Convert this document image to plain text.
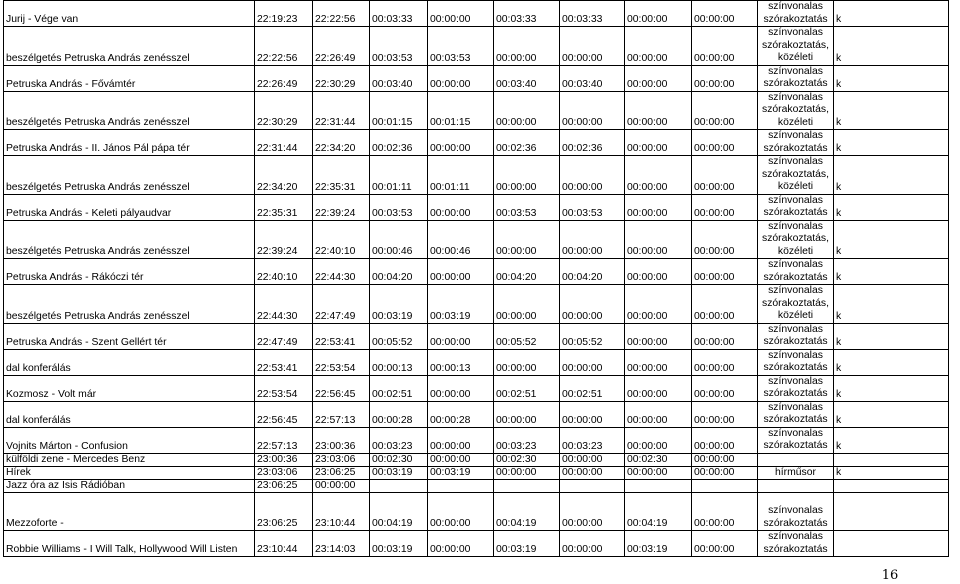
Jurij - Vége van	22:19:23	22:22:56	00:03:33	00:00:00	00:03:33	00:03:33	00:00:00	00:00:00	színvonalas szórakoztatás	k
beszélgetés Petruska András zenésszel	22:22:56	22:26:49	00:03:53	00:03:53	00:00:00	00:00:00	00:00:00	00:00:00	színvonalas szórakoztatás, közéleti	k
Petruska András - Fővámtér	22:26:49	22:30:29	00:03:40	00:00:00	00:03:40	00:03:40	00:00:00	00:00:00	színvonalas szórakoztatás	k
beszélgetés Petruska András zenésszel	22:30:29	22:31:44	00:01:15	00:01:15	00:00:00	00:00:00	00:00:00	00:00:00	színvonalas szórakoztatás, közéleti	k
Petruska András - II. János Pál pápa tér	22:31:44	22:34:20	00:02:36	00:00:00	00:02:36	00:02:36	00:00:00	00:00:00	színvonalas szórakoztatás	k
beszélgetés Petruska András zenésszel	22:34:20	22:35:31	00:01:11	00:01:11	00:00:00	00:00:00	00:00:00	00:00:00	színvonalas szórakoztatás, közéleti	k
Petruska András - Keleti pályaudvar	22:35:31	22:39:24	00:03:53	00:00:00	00:03:53	00:03:53	00:00:00	00:00:00	színvonalas szórakoztatás	k
beszélgetés Petruska András zenésszel	22:39:24	22:40:10	00:00:46	00:00:46	00:00:00	00:00:00	00:00:00	00:00:00	színvonalas szórakoztatás, közéleti	k
Petruska András - Rákóczi tér	22:40:10	22:44:30	00:04:20	00:00:00	00:04:20	00:04:20	00:00:00	00:00:00	színvonalas szórakoztatás	k
beszélgetés Petruska András zenésszel	22:44:30	22:47:49	00:03:19	00:03:19	00:00:00	00:00:00	00:00:00	00:00:00	színvonalas szórakoztatás, közéleti	k
Petruska András - Szent Gellért tér	22:47:49	22:53:41	00:05:52	00:00:00	00:05:52	00:05:52	00:00:00	00:00:00	színvonalas szórakoztatás	k
dal konferálás	22:53:41	22:53:54	00:00:13	00:00:13	00:00:00	00:00:00	00:00:00	00:00:00	színvonalas szórakoztatás	k
Kozmosz - Volt már	22:53:54	22:56:45	00:02:51	00:00:00	00:02:51	00:02:51	00:00:00	00:00:00	színvonalas szórakoztatás	k
dal konferálás	22:56:45	22:57:13	00:00:28	00:00:28	00:00:00	00:00:00	00:00:00	00:00:00	színvonalas szórakoztatás	k
Vojnits Márton - Confusion	22:57:13	23:00:36	00:03:23	00:00:00	00:03:23	00:03:23	00:00:00	00:00:00	színvonalas szórakoztatás	k
külföldi zene - Mercedes Benz	23:00:36	23:03:06	00:02:30	00:00:00	00:02:30	00:00:00	00:02:30	00:00:00		
Hírek	23:03:06	23:06:25	00:03:19	00:03:19	00:00:00	00:00:00	00:00:00	00:00:00	hírműsor	k
Jazz óra az Isis Rádióban	23:06:25	00:00:00								
Mezzoforte -	23:06:25	23:10:44	00:04:19	00:00:00	00:04:19	00:00:00	00:04:19	00:00:00	színvonalas szórakoztatás	
Robbie Williams - I Will Talk, Hollywood Will Listen	23:10:44	23:14:03	00:03:19	00:00:00	00:03:19	00:00:00	00:03:19	00:00:00	színvonalas szórakoztatás	
16
